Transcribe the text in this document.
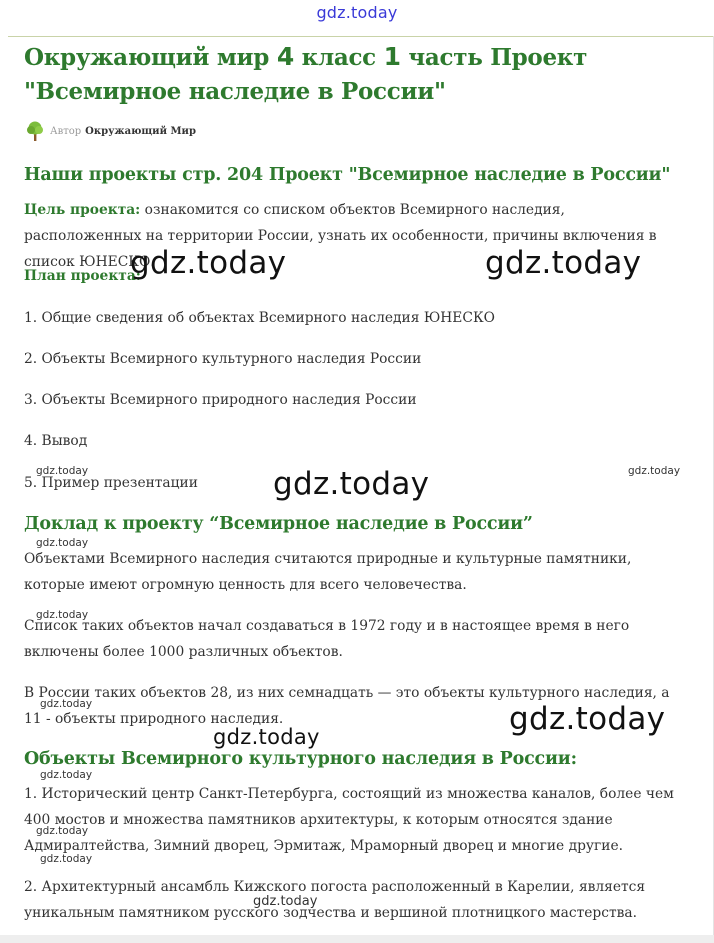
gdz.today
Окружающий мир 4 класс 1 часть Проект
"Всемирное наследие в России"
Автор Окружающий Мир
Наши проекты стр. 204 Проект "Всемирное наследие в России"

Цель проекта: ознакомится со списком объектов Всемирного наследия, расположенных на территории России, узнать их особенности, причины включения в список ЮНЕСКО.

План проекта:

1. Общие сведения об объектах Всемирного наследия ЮНЕСКО

2. Объекты Всемирного культурного наследия России

3. Объекты Всемирного природного наследия России

4. Вывод

5. Пример презентации

Доклад к проекту “Всемирное наследие в России”

Объектами Всемирного наследия считаются природные и культурные памятники, которые имеют огромную ценность для всего человечества.

Список таких объектов начал создаваться в 1972 году и в настоящее время в него включены более 1000 различных объектов.

В России таких объектов 28, из них семнадцать — это объекты культурного наследия, а 11 - объекты природного наследия.

Объекты Всемирного культурного наследия в России:

1. Исторический центр Санкт-Петербурга, состоящий из множества каналов, более чем 400 мостов и множества памятников архитектуры, к которым относятся здание Адмиралтейства, Зимний дворец, Эрмитаж, Мраморный дворец и многие другие.

2. Архитектурный ансамбль Кижского погоста расположенный в Карелии, является уникальным памятником русского зодчества и вершиной плотницкого мастерства.

gdz.today	gdz.today
gdz.today
gdz.today
gdz.today
gdz.today	gdz.today
gdz.today
gdz.today
gdz.today
gdz.today
gdz.today
gdz.today
gdz.today
